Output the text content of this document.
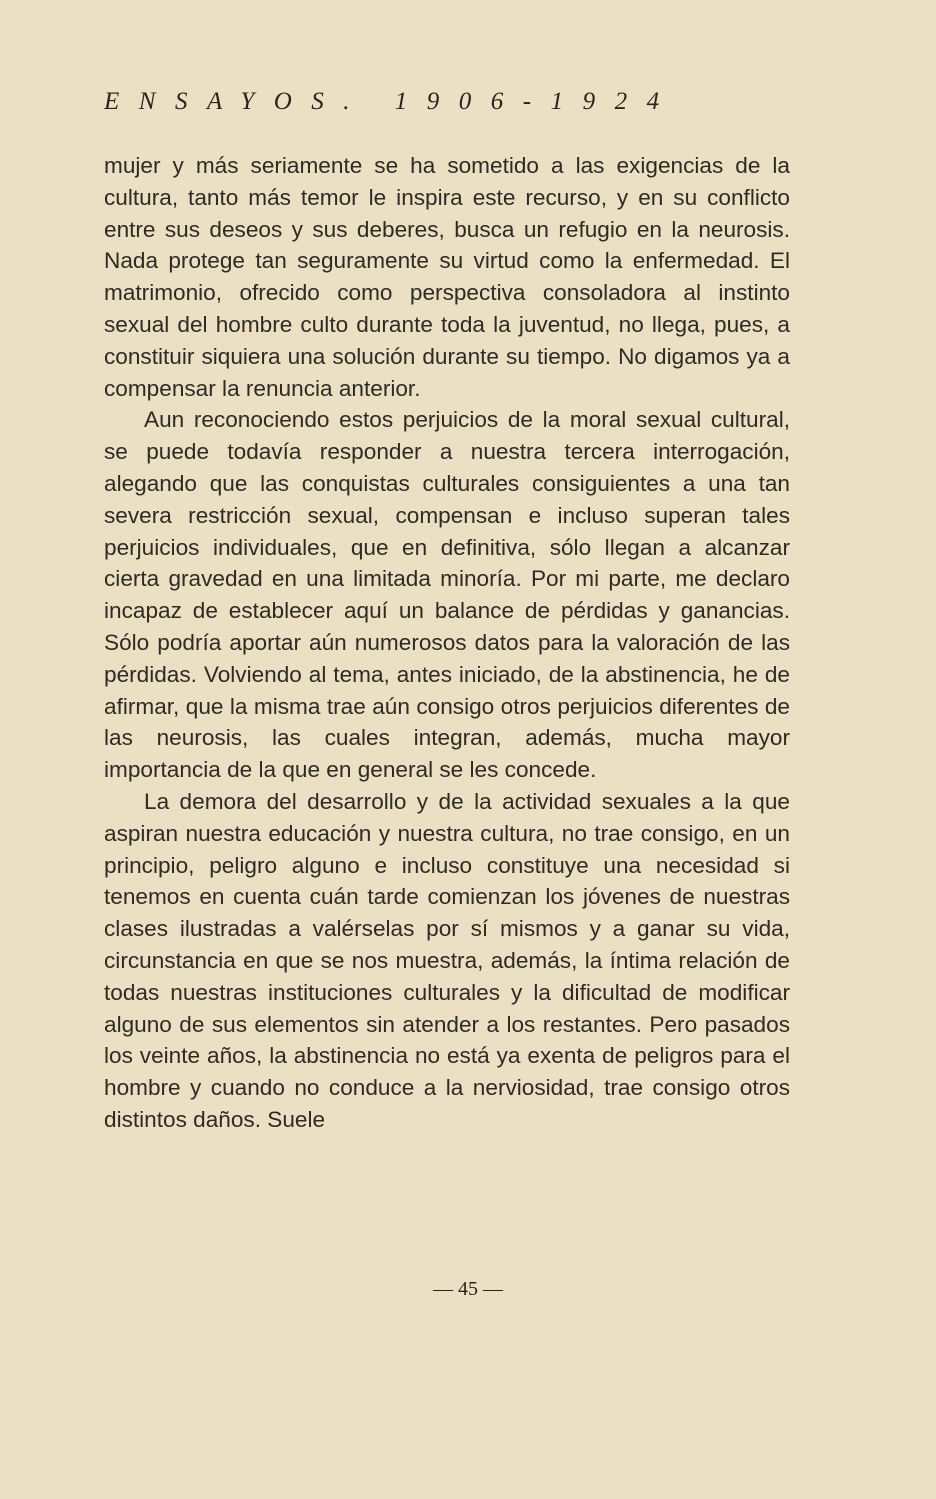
ENSAYOS. 1906-1924

mujer y más seriamente se ha sometido a las exigencias de la cultura, tanto más temor le inspira este recurso, y en su conflicto entre sus deseos y sus deberes, busca un refugio en la neurosis. Nada protege tan seguramente su virtud como la enfermedad. El matrimonio, ofrecido como perspectiva consoladora al instinto sexual del hombre culto durante toda la juventud, no llega, pues, a constituir siquiera una solución durante su tiempo. No digamos ya a compensar la renuncia anterior.

Aun reconociendo estos perjuicios de la moral sexual cultural, se puede todavía responder a nuestra tercera interrogación, alegando que las conquistas culturales consiguientes a una tan severa restricción sexual, compensan e incluso superan tales perjuicios individuales, que en definitiva, sólo llegan a alcanzar cierta gravedad en una limitada minoría. Por mi parte, me declaro incapaz de establecer aquí un balance de pérdidas y ganancias. Sólo podría aportar aún numerosos datos para la valoración de las pérdidas. Volviendo al tema, antes iniciado, de la abstinencia, he de afirmar, que la misma trae aún consigo otros perjuicios diferentes de las neurosis, las cuales integran, además, mucha mayor importancia de la que en general se les concede.

La demora del desarrollo y de la actividad sexuales a la que aspiran nuestra educación y nuestra cultura, no trae consigo, en un principio, peligro alguno e incluso constituye una necesidad si tenemos en cuenta cuán tarde comienzan los jóvenes de nuestras clases ilustradas a valérselas por sí mismos y a ganar su vida, circunstancia en que se nos muestra, además, la íntima relación de todas nuestras instituciones culturales y la dificultad de modificar alguno de sus elementos sin atender a los restantes. Pero pasados los veinte años, la abstinencia no está ya exenta de peligros para el hombre y cuando no conduce a la nerviosidad, trae consigo otros distintos daños. Suele

— 45 —
